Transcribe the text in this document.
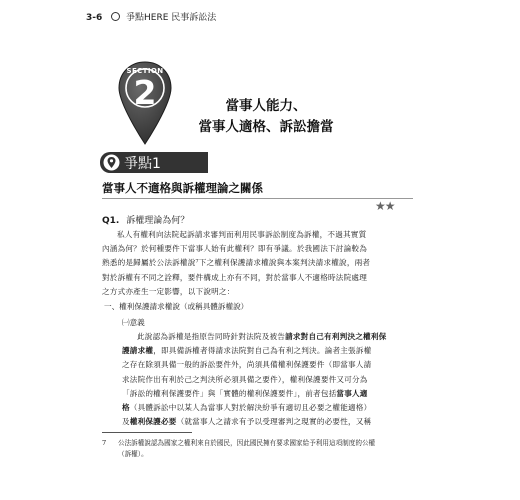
3-6	爭點HERE 民事訴訟法
SECTION
2	當事人能力、
當事人適格、訴訟擔當
爭點1
當事人不適格與訴權理論之關係
★★
Q1. 訴權理論為何？
私人有權利向法院起訴請求審判而利用民事訴訟制度為訴權，不過其實質
內涵為何？於何種要件下當事人始有此權利？即有爭議。於我國法下討論較為
熟悉的是歸屬於公法訴權說⁷下之權利保護請求權說與本案判決請求權說，兩者
對於訴權有不同之詮釋，要件構成上亦有不同，對於當事人不適格時法院處理
之方式亦產生一定影響，以下說明之：
一、權利保護請求權說（或稱具體訴權說）
㈠意義
此說認為訴權是指原告同時針對法院及被告請求對自己有利判決之權利保
護請求權，即具備訴權者得請求法院對自己為有利之判決。論者主張訴權
之存在除須具備一般的訴訟要件外，尚須具備權利保護要件（即當事人請
求法院作出有利於己之判決所必須具備之要件），權利保護要件又可分為
「訴訟的權利保護要件」與「實體的權利保護要件」，前者包括當事人適
格（具體訴訟中以某人為當事人對於解決紛爭有適切且必要之權能適格）
及權利保護必要（就當事人之請求有予以受理審判之現實的必要性，又稱
7 公法訴權說認為國家之權利來自於國民，因此國民擁有要求國家給予利用這項制度的公權
（訴權）。
